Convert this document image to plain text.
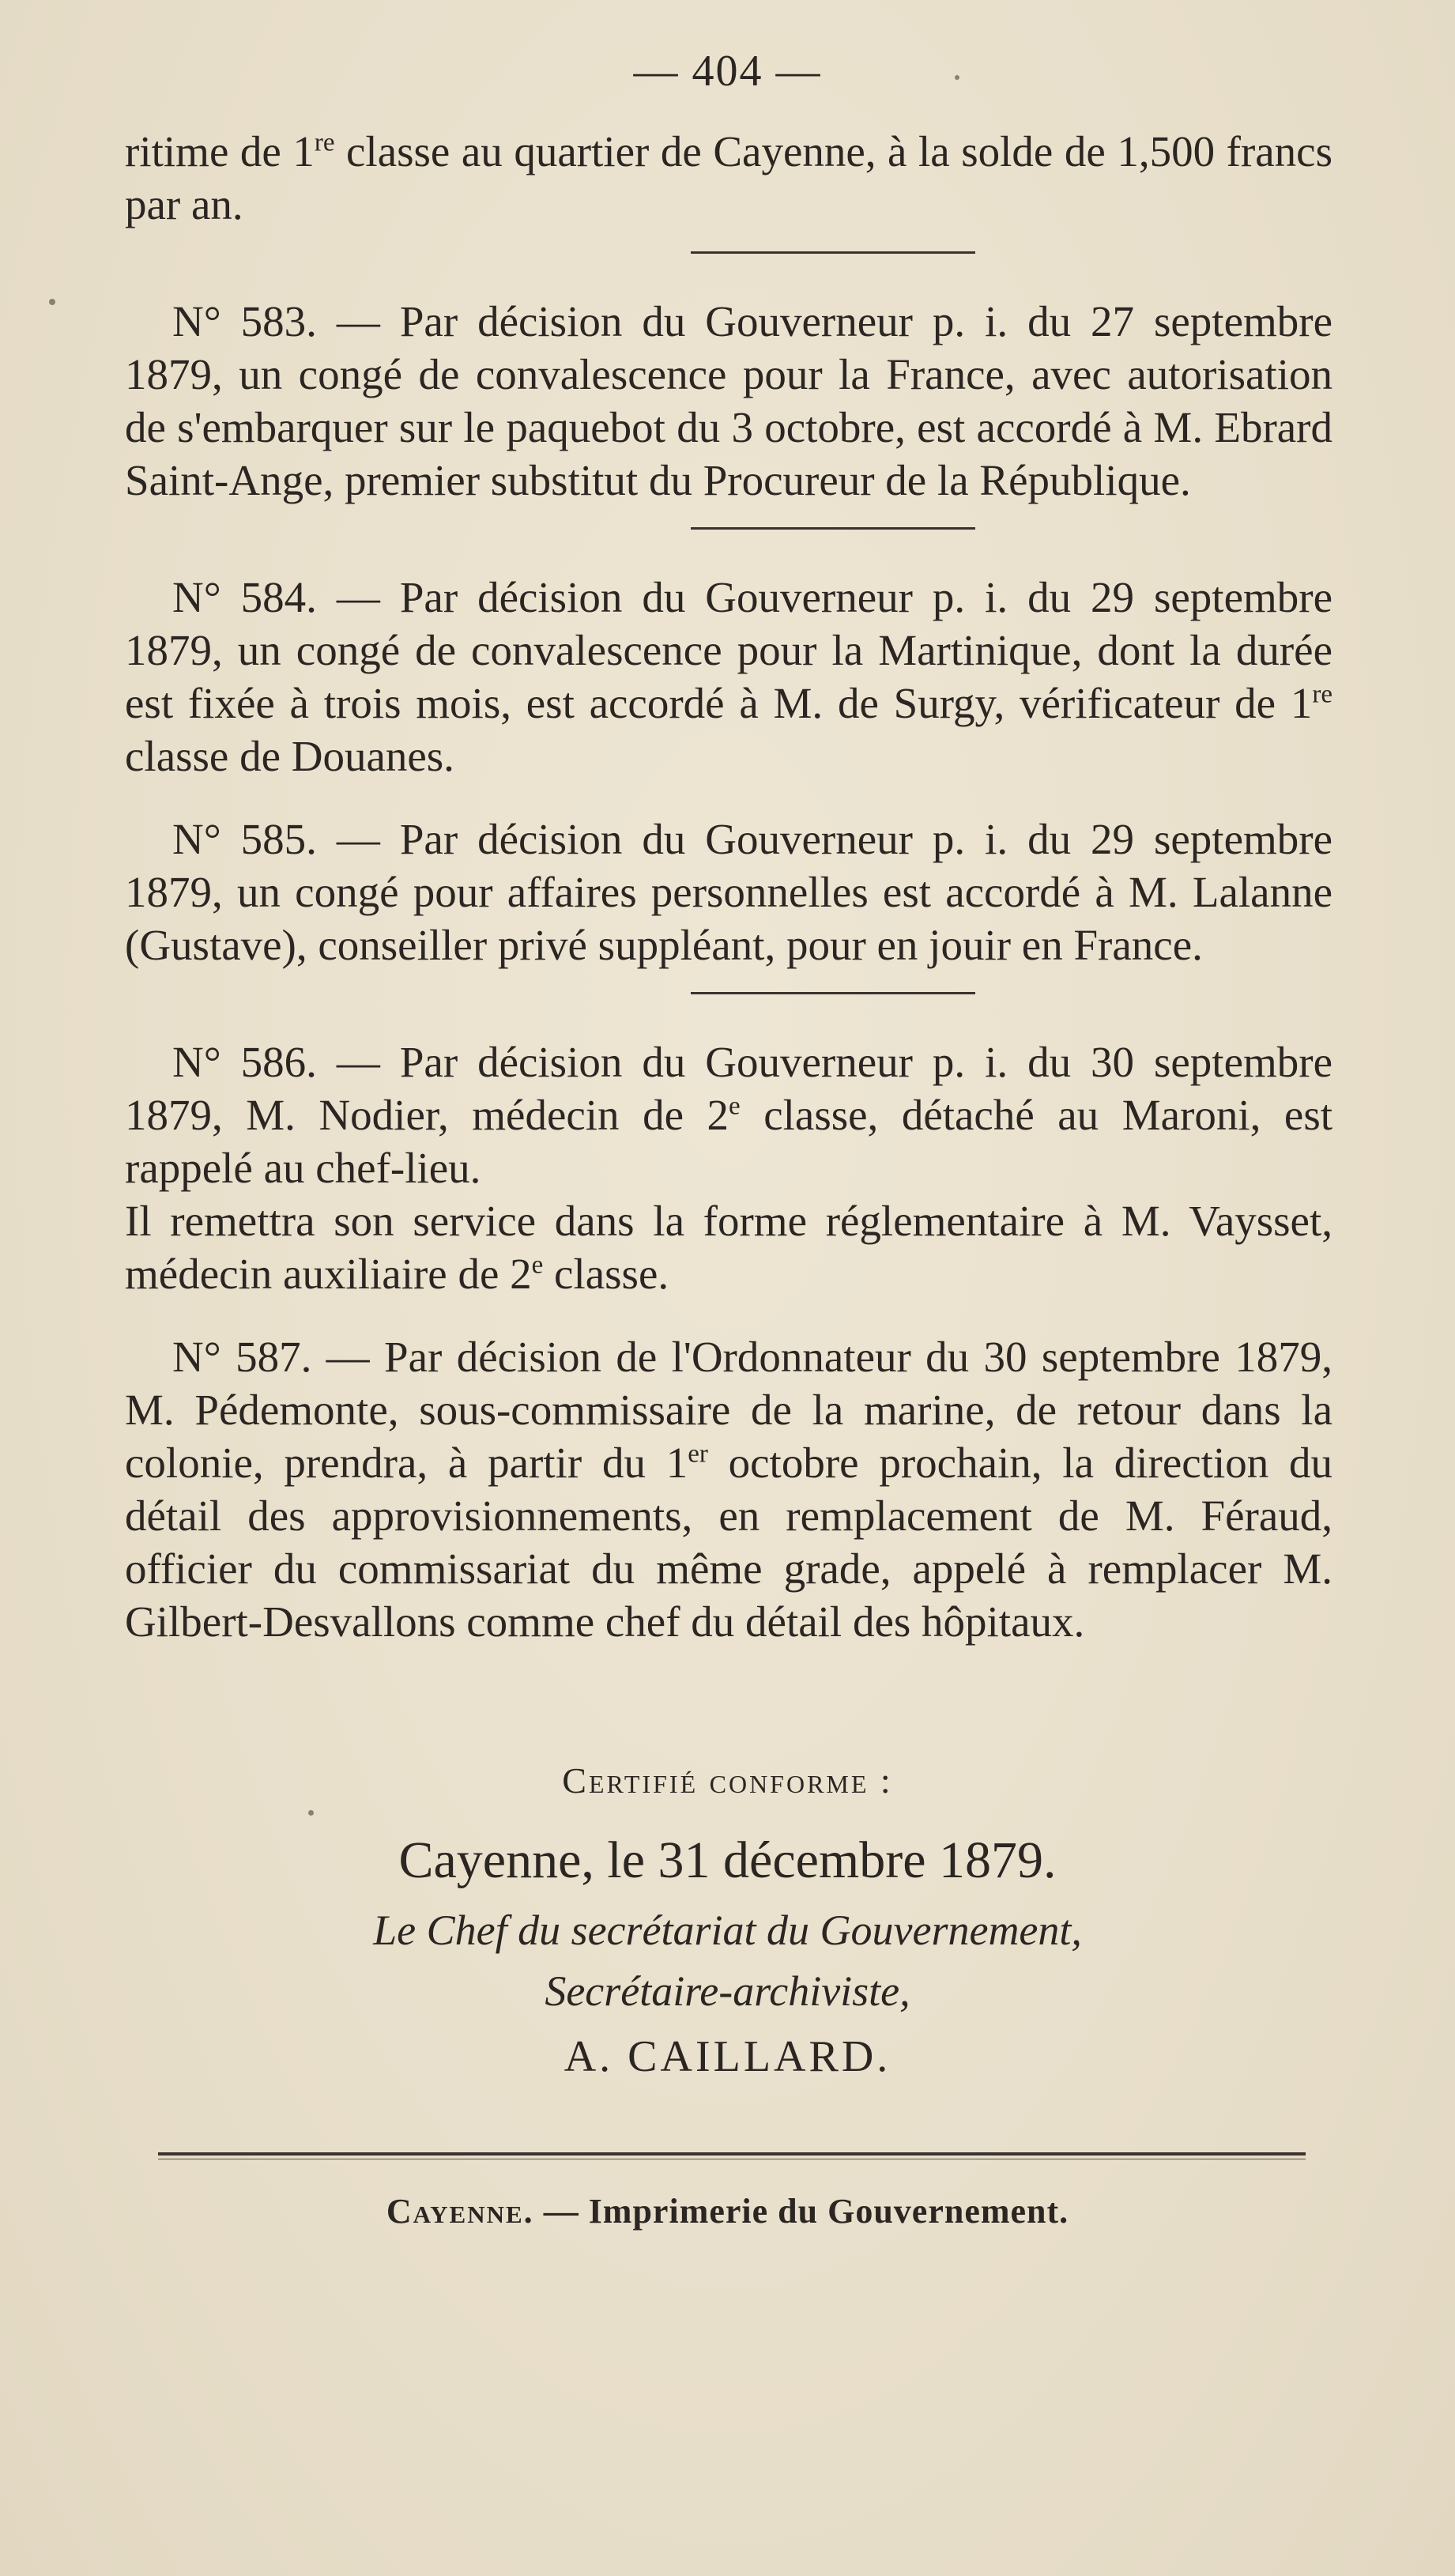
— 404 —

ritime de 1re classe au quartier de Cayenne, à la solde de 1,500 francs par an.

N° 583. — Par décision du Gouverneur p. i. du 27 septembre 1879, un congé de convalescence pour la France, avec autorisation de s'embarquer sur le paquebot du 3 octobre, est accordé à M. Ebrard Saint-Ange, premier substitut du Procureur de la République.

N° 584. — Par décision du Gouverneur p. i. du 29 septembre 1879, un congé de convalescence pour la Martinique, dont la durée est fixée à trois mois, est accordé à M. de Surgy, vérificateur de 1re classe de Douanes.

N° 585. — Par décision du Gouverneur p. i. du 29 septembre 1879, un congé pour affaires personnelles est accordé à M. Lalanne (Gustave), conseiller privé suppléant, pour en jouir en France.

N° 586. — Par décision du Gouverneur p. i. du 30 septembre 1879, M. Nodier, médecin de 2e classe, détaché au Maroni, est rappelé au chef-lieu.

Il remettra son service dans la forme réglementaire à M. Vaysset, médecin auxiliaire de 2e classe.

N° 587. — Par décision de l'Ordonnateur du 30 septembre 1879, M. Pédemonte, sous-commissaire de la marine, de retour dans la colonie, prendra, à partir du 1er octobre prochain, la direction du détail des approvisionnements, en remplacement de M. Féraud, officier du commissariat du même grade, appelé à remplacer M. Gilbert-Desvallons comme chef du détail des hôpitaux.

Certifié conforme :
Cayenne, le 31 décembre 1879.
Le Chef du secrétariat du Gouvernement,
Secrétaire-archiviste,
A. CAILLARD.
Cayenne. — Imprimerie du Gouvernement.
